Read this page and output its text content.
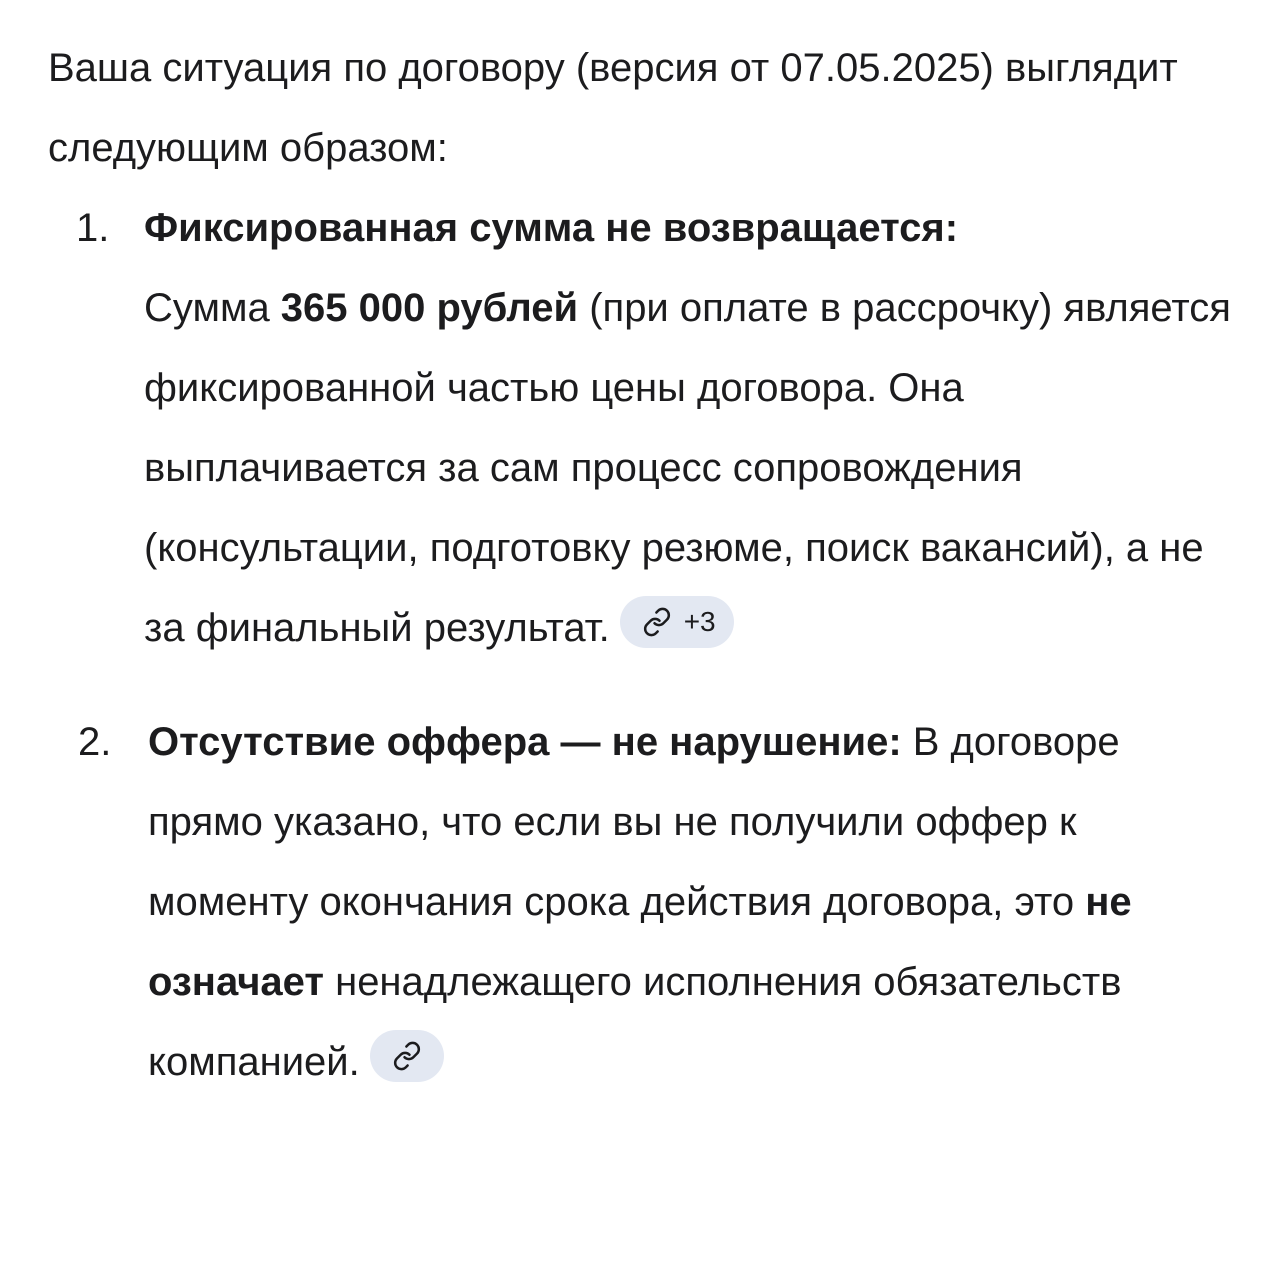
Ваша ситуация по договору (версия от 07.05.2025) выглядит следующим образом:

1. Фиксированная сумма не возвращается:
Сумма 365 000 рублей (при оплате в рассрочку) является фиксированной частью цены договора. Она выплачивается за сам процесс сопровождения (консультации, подготовку резюме, поиск вакансий), а не за финальный результат.	+3
2. Отсутствие оффера — не нарушение: В договоре прямо указано, что если вы не получили оффер к моменту окончания срока действия договора, это не означает ненадлежащего исполнения обязательств компанией.
